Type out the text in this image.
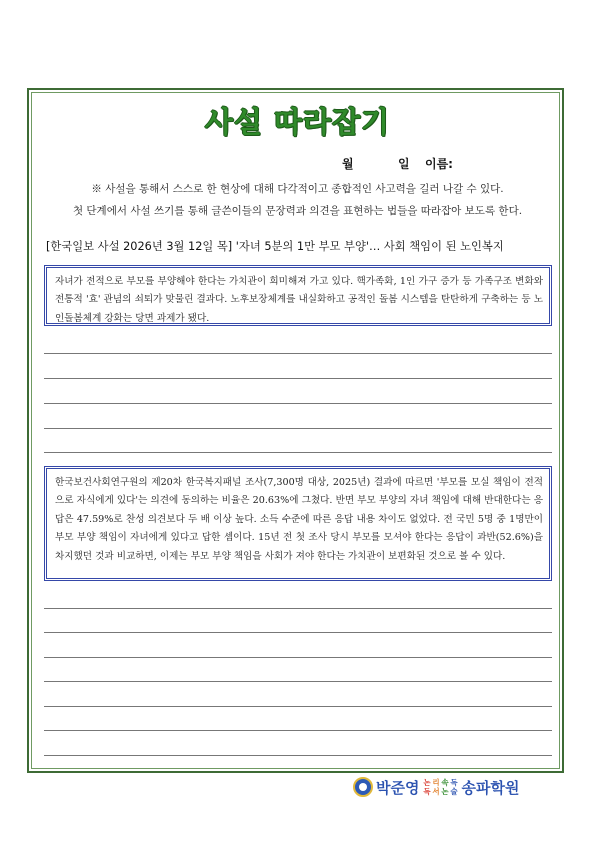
사설 따라잡기
월	일 이름:
※ 사설을 통해서 스스로 한 현상에 대해 다각적이고 종합적인 사고력을 길러 나갈 수 있다.
첫 단계에서 사설 쓰기를 통해 글쓴이들의 문장력과 의견을 표현하는 법들을 따라잡아 보도록 한다.
[한국일보 사설 2026년 3월 12일 목] '자녀 5분의 1만 부모 부양'… 사회 책임이 된 노인복지

자녀가 전적으로 부모를 부양해야 한다는 가치관이 희미해져 가고 있다. 핵가족화, 1인 가구 증가 등 가족구조 변화와 전통적 '효' 관념의 쇠퇴가 맞물린 결과다. 노후보장체계를 내실화하고 공적인 돌봄 시스템을 탄탄하게 구축하는 등 노인돌봄체계 강화는 당면 과제가 됐다.

한국보건사회연구원의 제20차 한국복지패널 조사(7,300명 대상, 2025년) 결과에 따르면 '부모를 모실 책임이 전적으로 자식에게 있다'는 의견에 동의하는 비율은 20.63%에 그쳤다. 반면 부모 부양의 자녀 책임에 대해 반대한다는 응답은 47.59%로 찬성 의견보다 두 배 이상 높다. 소득 수준에 따른 응답 내용 차이도 없었다. 전 국민 5명 중 1명만이 부모 부양 책임이 자녀에게 있다고 답한 셈이다. 15년 전 첫 조사 당시 부모를 모셔야 한다는 응답이 과반(52.6%)을 차지했던 것과 비교하면, 이제는 부모 부양 책임을 사회가 져야 한다는 가치관이 보편화된 것으로 볼 수 있다.

박준영 논 리 속 독
독 서 논 술 송파학원
